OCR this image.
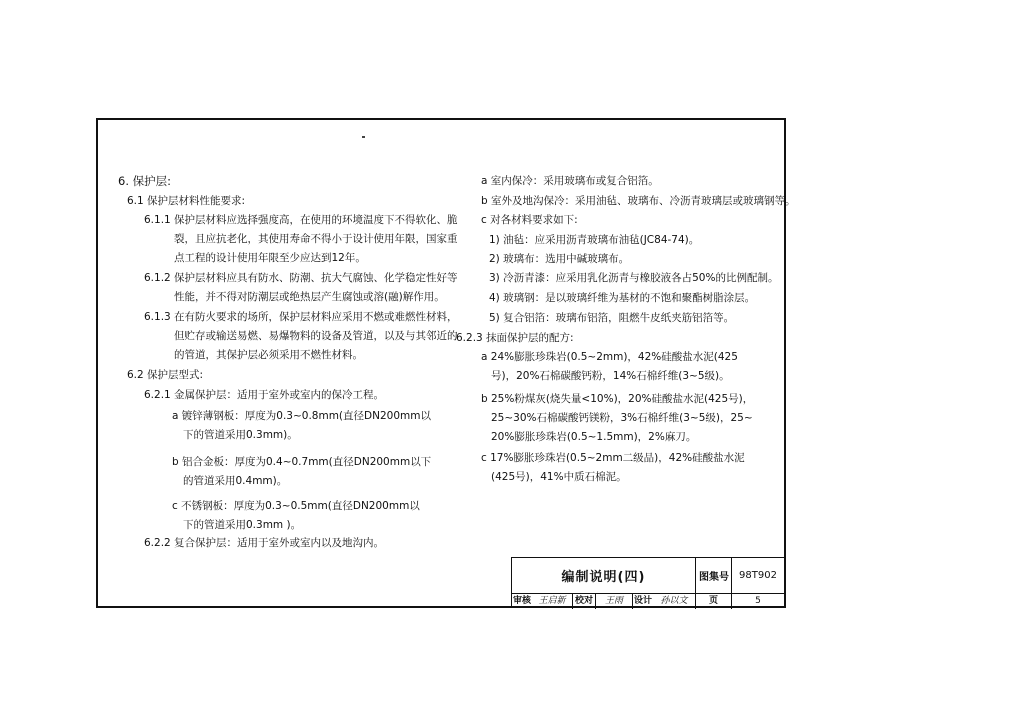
6. 保护层:
6.1 保护层材料性能要求:
6.1.1 保护层材料应选择强度高，在使用的环境温度下不得软化、脆
裂，且应抗老化，其使用寿命不得小于设计使用年限，国家重
点工程的设计使用年限至少应达到12年。
6.1.2 保护层材料应具有防水、防潮、抗大气腐蚀、化学稳定性好等
性能，并不得对防潮层或绝热层产生腐蚀或溶(融)解作用。
6.1.3 在有防火要求的场所，保护层材料应采用不燃或难燃性材料，
但贮存或输送易燃、易爆物料的设备及管道，以及与其邻近的
的管道，其保护层必须采用不燃性材料。
6.2 保护层型式:
6.2.1 金属保护层：适用于室外或室内的保冷工程。
a 镀锌薄钢板：厚度为0.3~0.8mm(直径DN200mm以
下的管道采用0.3mm)。
b 铝合金板：厚度为0.4~0.7mm(直径DN200mm以下
的管道采用0.4mm)。
c 不锈钢板：厚度为0.3~0.5mm(直径DN200mm以
下的管道采用0.3mm )。
6.2.2 复合保护层：适用于室外或室内以及地沟内。
a 室内保冷：采用玻璃布或复合铝箔。
b 室外及地沟保冷：采用油毡、玻璃布、冷沥青玻璃层或玻璃钢等。
c 对各材料要求如下:
1) 油毡：应采用沥青玻璃布油毡(JC84-74)。
2) 玻璃布：选用中碱玻璃布。
3) 冷沥青漆：应采用乳化沥青与橡胶液各占50%的比例配制。
4) 玻璃钢：是以玻璃纤维为基材的不饱和聚酯树脂涂层。
5) 复合铝箔：玻璃布铝箔，阻燃牛皮纸夹筋铝箔等。
6.2.3 抹面保护层的配方:
a 24%膨胀珍珠岩(0.5~2mm)，42%硅酸盐水泥(425
号)，20%石棉碳酸钙粉，14%石棉纤维(3~5级)。
b 25%粉煤灰(烧失量<10%)，20%硅酸盐水泥(425号)，
25~30%石棉碳酸钙镁粉，3%石棉纤维(3~5级)，25~
20%膨胀珍珠岩(0.5~1.5mm)，2%麻刀。
c 17%膨胀珍珠岩(0.5~2mm二级品)，42%硅酸盐水泥
(425号)，41%中质石棉泥。
编制说明(四)	图集号	98T902
审核 王启新	校对	王雨	设计 孙以文	页	5
